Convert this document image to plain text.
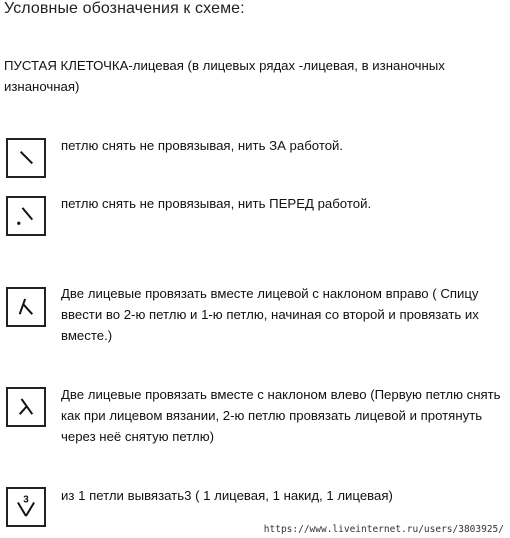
Условные обозначения к схеме:
ПУСТАЯ КЛЕТОЧКА-лицевая (в лицевых рядах -лицевая, в изнаночных изнаночная)
петлю снять не провязывая, нить ЗА работой.
петлю снять не провязывая, нить ПЕРЕД работой.
Две лицевые провязать вместе лицевой с наклоном вправо ( Спицу ввести во 2-ю петлю и 1-ю петлю, начиная со второй и провязать их вместе.)
Две лицевые провязать вместе с наклоном влево (Первую петлю снять как при лицевом вязании, 2-ю петлю провязать лицевой и протянуть через неё снятую петлю)
3 из 1 петли вывязать3 ( 1 лицевая, 1 накид, 1 лицевая)
https://www.liveinternet.ru/users/3803925/
